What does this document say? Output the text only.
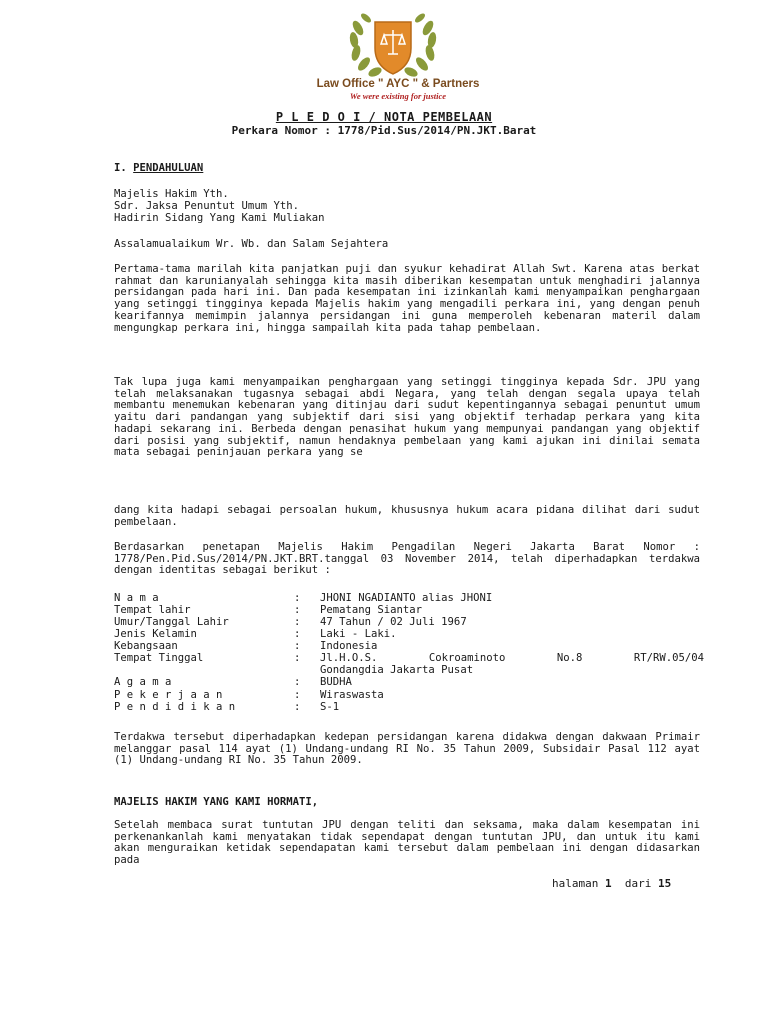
Law Office " AYC " & Partners
We were existing for justice
P L E D O I / NOTA PEMBELAAN
Perkara Nomor : 1778/Pid.Sus/2014/PN.JKT.Barat
I. PENDAHULUAN
Majelis Hakim Yth.
Sdr. Jaksa Penuntut Umum Yth.
Hadirin Sidang Yang Kami Muliakan
Assalamualaikum Wr. Wb. dan Salam Sejahtera
Pertama-tama marilah kita panjatkan puji dan syukur kehadirat Allah Swt. Karena atas berkat rahmat dan karunianyalah sehingga kita masih diberikan kesempatan untuk menghadiri jalannya persidangan pada hari ini. Dan pada kesempatan ini izinkanlah kami menyampaikan penghargaan yang setinggi tingginya kepada Majelis hakim yang mengadili perkara ini, yang dengan penuh kearifannya memimpin jalannya persidangan ini guna memperoleh kebenaran materil dalam mengungkap perkara ini, hingga sampailah kita pada tahap pembelaan.
Tak lupa juga kami menyampaikan penghargaan yang setinggi tingginya kepada Sdr. JPU yang telah melaksanakan tugasnya sebagai abdi Negara, yang telah dengan segala upaya telah membantu menemukan kebenaran yang ditinjau dari sudut kepentingannya sebagai penuntut umum yaitu dari pandangan yang subjektif dari sisi yang objektif terhadap perkara yang kita hadapi sekarang ini. Berbeda dengan penasihat hukum yang mempunyai pandangan yang objektif dari posisi yang subjektif, namun hendaknya pembelaan yang kami ajukan ini dinilai semata mata sebagai peninjauan perkara yang se
dang kita hadapi sebagai persoalan hukum, khususnya hukum acara pidana dilihat dari sudut pembelaan.
Berdasarkan penetapan Majelis Hakim Pengadilan Negeri Jakarta Barat Nomor : 1778/Pen.Pid.Sus/2014/PN.JKT.BRT.tanggal 03 November 2014, telah diperhadapkan terdakwa dengan identitas sebagai berikut :
N a m a	:	JHONI NGADIANTO alias JHONI
Tempat lahir	:	Pematang Siantar
Umur/Tanggal Lahir	:	47 Tahun / 02 Juli 1967
Jenis Kelamin	:	Laki - Laki.
Kebangsaan	:	Indonesia
Tempat Tinggal	:	Jl.H.O.S. Cokroaminoto No.8 RT/RW.05/04
Gondangdia Jakarta Pusat

A g a m a	:	BUDHA
P e k e r j a a n	:	Wiraswasta
P e n d i d i k a n	:	S-1
Terdakwa tersebut diperhadapkan kedepan persidangan karena didakwa dengan dakwaan Primair melanggar pasal 114 ayat (1) Undang-undang RI No. 35 Tahun 2009, Subsidair Pasal 112 ayat (1) Undang-undang RI No. 35 Tahun 2009.
MAJELIS HAKIM YANG KAMI HORMATI,
Setelah membaca surat tuntutan JPU dengan teliti dan seksama, maka dalam kesempatan ini perkenankanlah kami menyatakan tidak sependapat dengan tuntutan JPU, dan untuk itu kami akan menguraikan ketidak sependapatan kami tersebut dalam pembelaan ini dengan didasarkan pada
halaman 1 dari 15
